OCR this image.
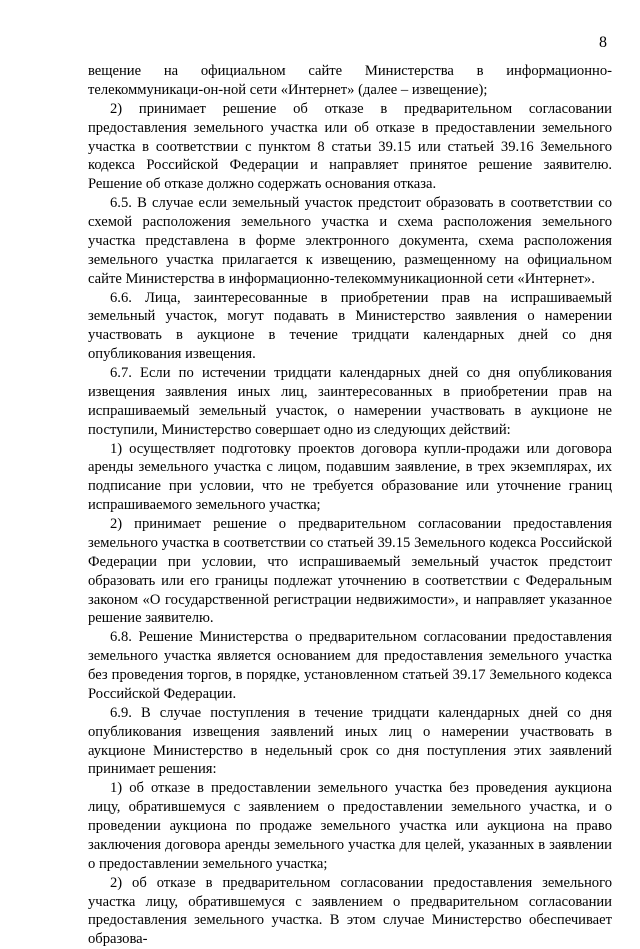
8

вещение на официальном сайте Министерства в информационно-телекоммуникаци-он-ной сети «Интернет» (далее – извещение);

2) принимает решение об отказе в предварительном согласовании предоставления земельного участка или об отказе в предоставлении земельного участка в соответствии с пунктом 8 статьи 39.15 или статьей 39.16 Земельного кодекса Российской Федерации и направляет принятое решение заявителю. Решение об отказе должно содержать основания отказа.

6.5. В случае если земельный участок предстоит образовать в соответствии со схемой расположения земельного участка и схема расположения земельного участка представлена в форме электронного документа, схема расположения земельного участка прилагается к извещению, размещенному на официальном сайте Министерства в информационно-телекоммуникационной сети «Интернет».

6.6. Лица, заинтересованные в приобретении прав на испрашиваемый земельный участок, могут подавать в Министерство заявления о намерении участвовать в аукционе в течение тридцати календарных дней со дня опубликования извещения.

6.7. Если по истечении тридцати календарных дней со дня опубликования извещения заявления иных лиц, заинтересованных в приобретении прав на испрашиваемый земельный участок, о намерении участвовать в аукционе не поступили, Министерство совершает одно из следующих действий:

1) осуществляет подготовку проектов договора купли-продажи или договора аренды земельного участка с лицом, подавшим заявление, в трех экземплярах, их подписание при условии, что не требуется образование или уточнение границ испрашиваемого земельного участка;

2) принимает решение о предварительном согласовании предоставления земельного участка в соответствии со статьей 39.15 Земельного кодекса Российской Федерации при условии, что испрашиваемый земельный участок предстоит образовать или его границы подлежат уточнению в соответствии с Федеральным законом «О государственной регистрации недвижимости», и направляет указанное решение заявителю.

6.8. Решение Министерства о предварительном согласовании предоставления земельного участка является основанием для предоставления земельного участка без проведения торгов, в порядке, установленном статьей 39.17 Земельного кодекса Российской Федерации.

6.9. В случае поступления в течение тридцати календарных дней со дня опубликования извещения заявлений иных лиц о намерении участвовать в аукционе Министерство в недельный срок со дня поступления этих заявлений принимает решения:

1) об отказе в предоставлении земельного участка без проведения аукциона лицу, обратившемуся с заявлением о предоставлении земельного участка, и о проведении аукциона по продаже земельного участка или аукциона на право заключения договора аренды земельного участка для целей, указанных в заявлении о предоставлении земельного участка;

2) об отказе в предварительном согласовании предоставления земельного участка лицу, обратившемуся с заявлением о предварительном согласовании предоставления земельного участка. В этом случае Министерство обеспечивает образова-
